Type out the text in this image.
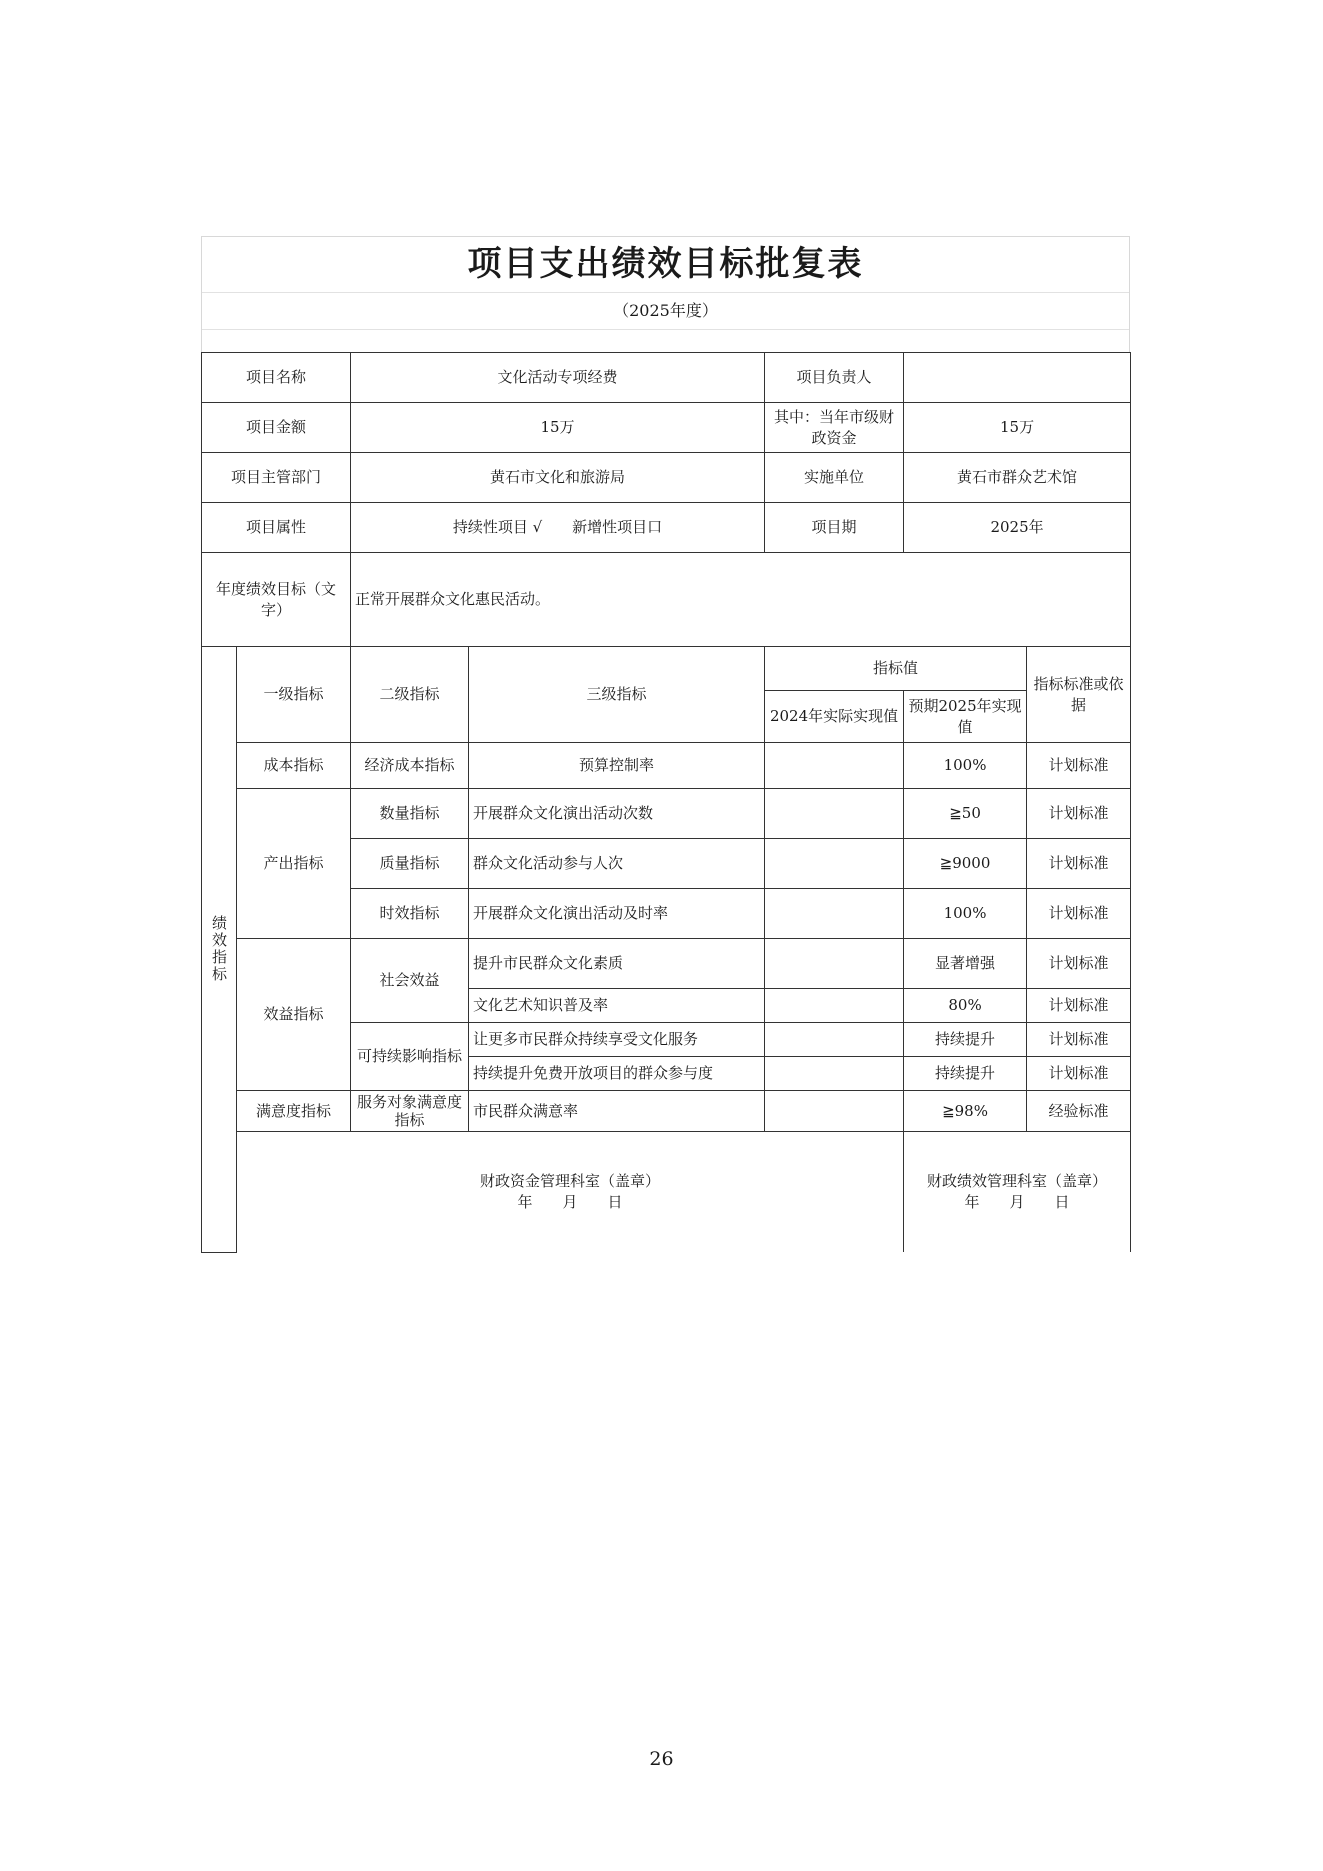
项目支出绩效目标批复表
（2025年度）
项目名称		文化活动专项经费		项目负责人		
项目金额		15万		其中：当年市级财政资金	15万	
项目主管部门		黄石市文化和旅游局		实施单位	黄石市群众艺术馆	
项目属性		持续性项目 √　　新增性项目口		项目期	2025年	
年度绩效目标（文字）		正常开展群众文化惠民活动。				
绩效指标	一级指标	二级指标	三级指标	指标值		指标标准或依据
				2024年实际实现值	预期2025年实现值	
	成本指标	经济成本指标	预算控制率		100%	计划标准
	产出指标	数量指标	开展群众文化演出活动次数		≧50	计划标准
		质量指标	群众文化活动参与人次		≧9000	计划标准
		时效指标	开展群众文化演出活动及时率		100%	计划标准
	效益指标	社会效益	提升市民群众文化素质		显著增强	计划标准
			文化艺术知识普及率		80%	计划标准
		可持续影响指标	让更多市民群众持续享受文化服务		持续提升	计划标准
			持续提升免费开放项目的群众参与度		持续提升	计划标准
	满意度指标	服务对象满意度指标	市民群众满意率		≧98%	经验标准

	财政资金管理科室（盖章）
年　　月　　日				财政绩效管理科室（盖章）
年　　月　　日	
26
